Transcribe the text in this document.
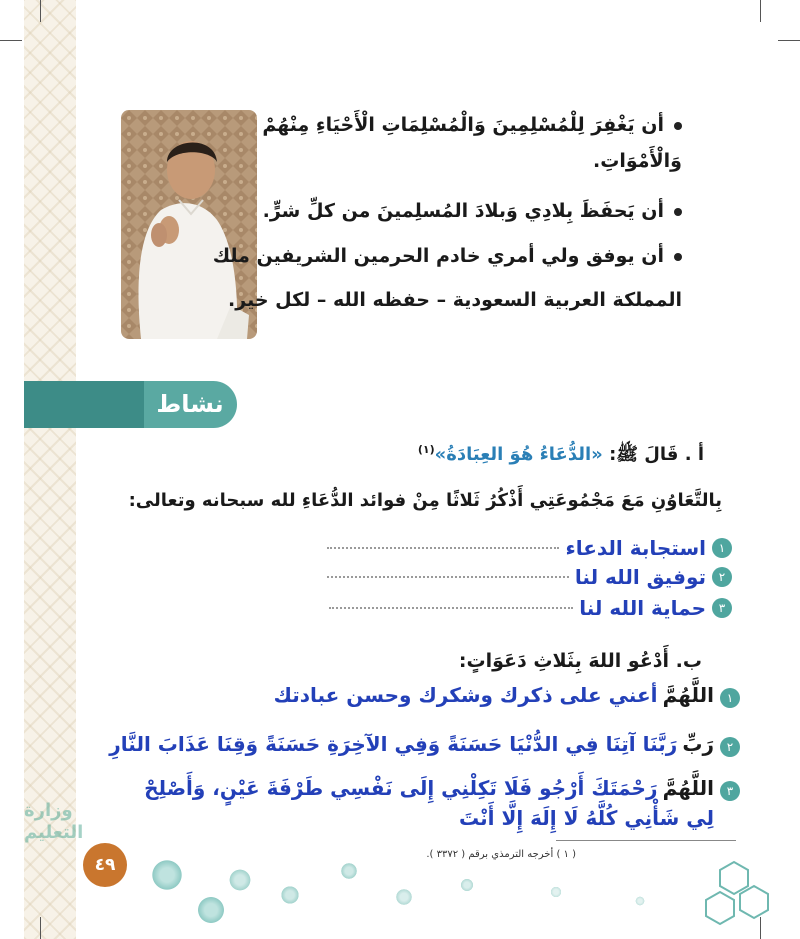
أن يَغْفِرَ لِلْمُسْلِمِينَ وَالْمُسْلِمَاتِ الْأَحْيَاءِ مِنْهُمْ
وَالْأَمْوَاتِ.
أن يَحفَظَ بِلادِي وَبلادَ المُسلِمينَ من كلِّ شرٍّ.
أن يوفق ولي أمري خادم الحرمين الشريفين ملك
المملكة العربية السعودية – حفظه الله – لكل خير.
نشاط
أ . قَالَ ﷺ: «الدُّعَاءُ هُوَ العِبَادَةُ»$^{(١)}$
بِالتَّعَاوُنِ مَعَ مَجْمُوعَتِي أَذْكُرُ ثَلاثًا مِنْ فوائد الدُّعَاءِ لله سبحانه وتعالى:
١استجابة الدعاء
٢توفيق الله لنا
٣حماية الله لنا
ب. أَدْعُو اللهَ بِثَلاثِ دَعَوَاتٍ:
١اللَّهُمَّ أعني على ذكرك وشكرك وحسن عبادتك
٢رَبِّ رَبَّنَا آتِنَا فِي الدُّنْيَا حَسَنَةً وَفِي الآخِرَةِ حَسَنَةً وَقِنَا عَذَابَ النَّارِ
٣اللَّهُمَّ رَحْمَتَكَ أَرْجُو فَلَا تَكِلْنِي إِلَى نَفْسِي طَرْفَةَ عَيْنٍ، وَأَصْلِحْ
لِي شَأْنِي كُلَّهُ لَا إِلَهَ إِلَّا أَنْتَ
( ١ ) أخرجه الترمذي برقم ( ٣٣٧٢ ).
وزارة التعليم
٤٩
